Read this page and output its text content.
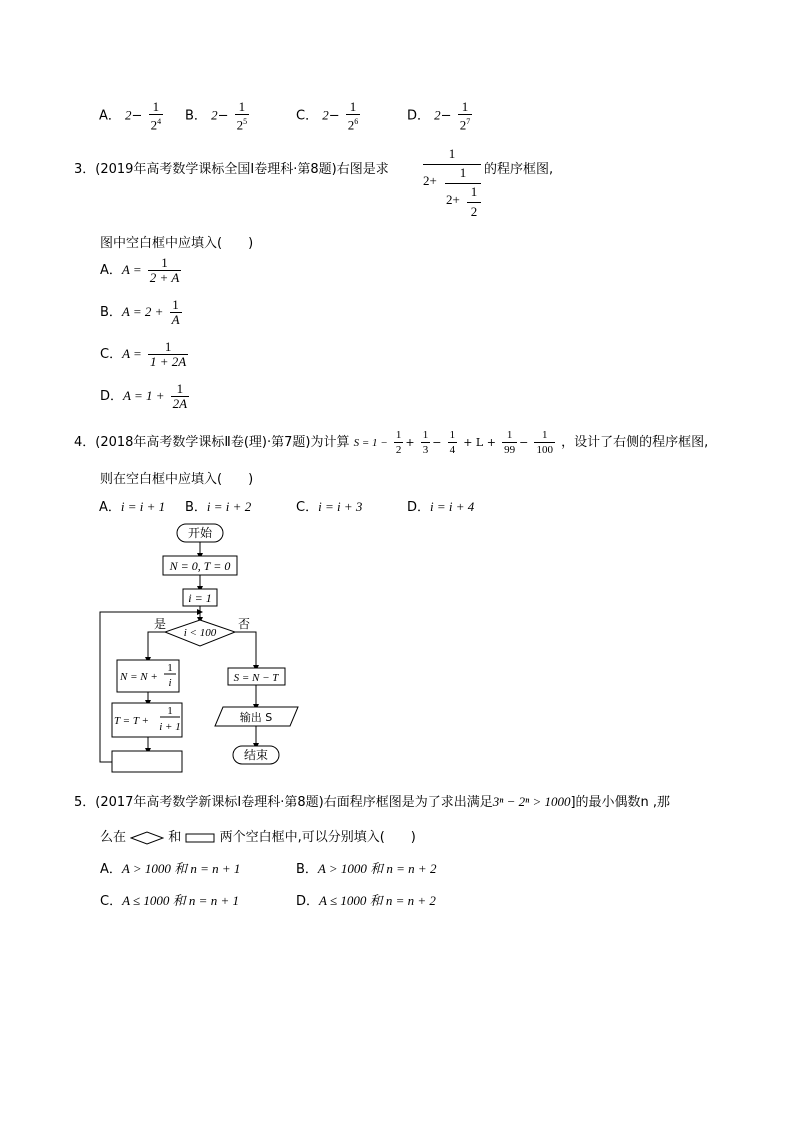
A． $2- \frac{1}{2^4}$ B． $2- \frac{1}{2^5}$	C． $2- \frac{1}{2^6}$	D． $2- \frac{1}{2^7}$
3．(2019年高考数学课标全国Ⅰ卷理科·第8题)右图是求
1
2+
1
2+
1
2
的程序框图,
图中空白框中应填入(　　)
A．$A = \frac{1}{2 + A}$
B．$A = 2 + \frac{1}{A}$
C．$A = \frac{1}{1 + 2A}$
D．$A = 1 + \frac{1}{2A}$
4．(2018年高考数学课标Ⅱ卷(理)·第7题)为计算 $S = 1 - \frac{1}{2} + \frac{1}{3} - \frac{1}{4} + L + \frac{1}{99} - \frac{1}{100}$ ，设计了右侧的程序框图,
则在空白框中应填入(　　)
A．i = i + 1 B．i = i + 2	C．i = i + 3	D．i = i + 4
开始
N = 0, T = 0
i = 1
i < 100
是	否
N = N +
1
i
T = T +
1
i + 1
S = N − T
输出 S
结束
5．(2017年高考数学新课标Ⅰ卷理科·第8题)右面程序框图是为了求出满足3ⁿ − 2ⁿ > 1000]的最小偶数n ,那
么在	和	两个空白框中,可以分别填入(　　)
A．A > 1000 和 n = n + 1	B．A > 1000 和 n = n + 2
C．A ≤ 1000 和 n = n + 1	D．A ≤ 1000 和 n = n + 2
